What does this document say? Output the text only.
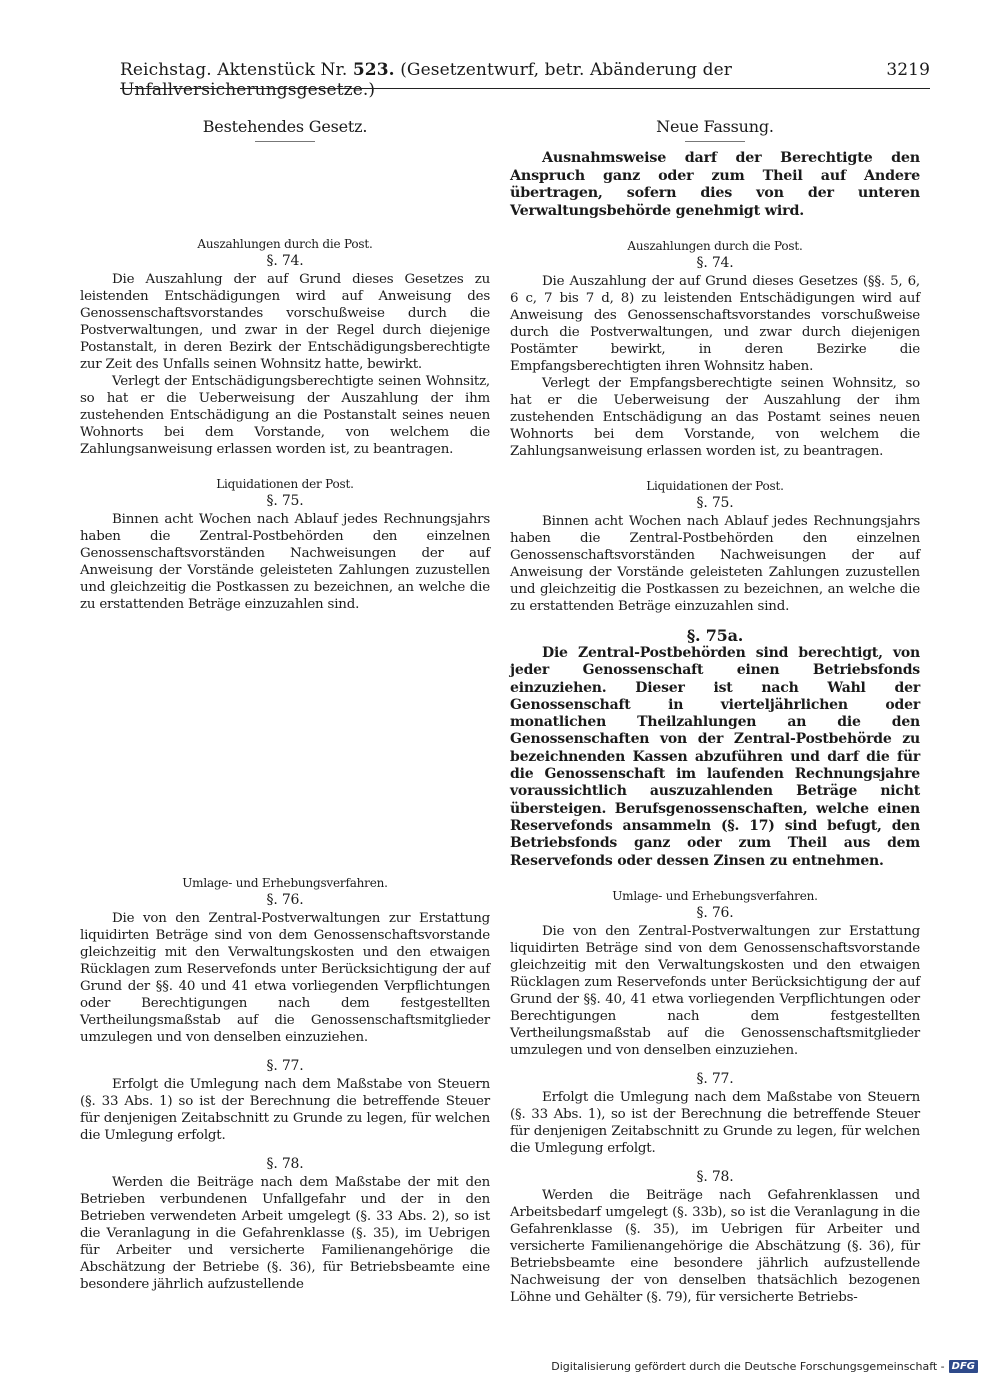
Reichstag. Aktenstück Nr. 523. (Gesetzentwurf, betr. Abänderung der Unfallversicherungsgesetze.)
3219
Bestehendes Gesetz.

Auszahlungen durch die Post.

§. 74.

Die Auszahlung der auf Grund dieses Gesetzes zu leistenden Entschädigungen wird auf Anweisung des Genossenschaftsvorstandes vorschußweise durch die Postverwaltungen, und zwar in der Regel durch diejenige Postanstalt, in deren Bezirk der Entschädigungsberechtigte zur Zeit des Unfalls seinen Wohnsitz hatte, bewirkt.

Verlegt der Entschädigungsberechtigte seinen Wohnsitz, so hat er die Ueberweisung der Auszahlung der ihm zustehenden Entschädigung an die Postanstalt seines neuen Wohnorts bei dem Vorstande, von welchem die Zahlungsanweisung erlassen worden ist, zu beantragen.

Liquidationen der Post.

§. 75.

Binnen acht Wochen nach Ablauf jedes Rechnungsjahrs haben die Zentral-Postbehörden den einzelnen Genossenschaftsvorständen Nachweisungen der auf Anweisung der Vorstände geleisteten Zahlungen zuzustellen und gleichzeitig die Postkassen zu bezeichnen, an welche die zu erstattenden Beträge einzuzahlen sind.

Umlage- und Erhebungsverfahren.

§. 76.

Die von den Zentral-Postverwaltungen zur Erstattung liquidirten Beträge sind von dem Genossenschaftsvorstande gleichzeitig mit den Verwaltungskosten und den etwaigen Rücklagen zum Reservefonds unter Berücksichtigung der auf Grund der §§. 40 und 41 etwa vorliegenden Verpflichtungen oder Berechtigungen nach dem festgestellten Vertheilungsmaßstab auf die Genossenschaftsmitglieder umzulegen und von denselben einzuziehen.

§. 77.

Erfolgt die Umlegung nach dem Maßstabe von Steuern (§. 33 Abs. 1) so ist der Berechnung die betreffende Steuer für denjenigen Zeitabschnitt zu Grunde zu legen, für welchen die Umlegung erfolgt.

§. 78.

Werden die Beiträge nach dem Maßstabe der mit den Betrieben verbundenen Unfallgefahr und der in den Betrieben verwendeten Arbeit umgelegt (§. 33 Abs. 2), so ist die Veranlagung in die Gefahrenklasse (§. 35), im Uebrigen für Arbeiter und versicherte Familienangehörige die Abschätzung der Betriebe (§. 36), für Betriebsbeamte eine besondere jährlich aufzustellende

Neue Fassung.

Ausnahmsweise darf der Berechtigte den Anspruch ganz oder zum Theil auf Andere übertragen, sofern dies von der unteren Verwaltungsbehörde genehmigt wird.

Auszahlungen durch die Post.

§. 74.

Die Auszahlung der auf Grund dieses Gesetzes (§§. 5, 6, 6 c, 7 bis 7 d, 8) zu leistenden Entschädigungen wird auf Anweisung des Genossenschaftsvorstandes vorschußweise durch die Postverwaltungen, und zwar durch diejenigen Postämter bewirkt, in deren Bezirke die Empfangsberechtigten ihren Wohnsitz haben.

Verlegt der Empfangsberechtigte seinen Wohnsitz, so hat er die Ueberweisung der Auszahlung der ihm zustehenden Entschädigung an das Postamt seines neuen Wohnorts bei dem Vorstande, von welchem die Zahlungsanweisung erlassen worden ist, zu beantragen.

Liquidationen der Post.

§. 75.

Binnen acht Wochen nach Ablauf jedes Rechnungsjahrs haben die Zentral-Postbehörden den einzelnen Genossenschaftsvorständen Nachweisungen der auf Anweisung der Vorstände geleisteten Zahlungen zuzustellen und gleichzeitig die Postkassen zu bezeichnen, an welche die zu erstattenden Beträge einzuzahlen sind.

§. 75a.

Die Zentral-Postbehörden sind berechtigt, von jeder Genossenschaft einen Betriebsfonds einzuziehen. Dieser ist nach Wahl der Genossenschaft in vierteljährlichen oder monatlichen Theilzahlungen an die den Genossenschaften von der Zentral-Postbehörde zu bezeichnenden Kassen abzuführen und darf die für die Genossenschaft im laufenden Rechnungsjahre voraussichtlich auszuzahlenden Beträge nicht übersteigen. Berufsgenossenschaften, welche einen Reservefonds ansammeln (§. 17) sind befugt, den Betriebsfonds ganz oder zum Theil aus dem Reservefonds oder dessen Zinsen zu entnehmen.

Umlage- und Erhebungsverfahren.

§. 76.

Die von den Zentral-Postverwaltungen zur Erstattung liquidirten Beträge sind von dem Genossenschaftsvorstande gleichzeitig mit den Verwaltungskosten und den etwaigen Rücklagen zum Reservefonds unter Berücksichtigung der auf Grund der §§. 40, 41 etwa vorliegenden Verpflichtungen oder Berechtigungen nach dem festgestellten Vertheilungsmaßstab auf die Genossenschaftsmitglieder umzulegen und von denselben einzuziehen.

§. 77.

Erfolgt die Umlegung nach dem Maßstabe von Steuern (§. 33 Abs. 1), so ist der Berechnung die betreffende Steuer für denjenigen Zeitabschnitt zu Grunde zu legen, für welchen die Umlegung erfolgt.

§. 78.

Werden die Beiträge nach Gefahrenklassen und Arbeitsbedarf umgelegt (§. 33b), so ist die Veranlagung in die Gefahrenklasse (§. 35), im Uebrigen für Arbeiter und versicherte Familienangehörige die Abschätzung (§. 36), für Betriebsbeamte eine besondere jährlich aufzustellende Nachweisung der von denselben thatsächlich bezogenen Löhne und Gehälter (§. 79), für versicherte Betriebs-

Digitalisierung gefördert durch die Deutsche Forschungsgemeinschaft - DFG
